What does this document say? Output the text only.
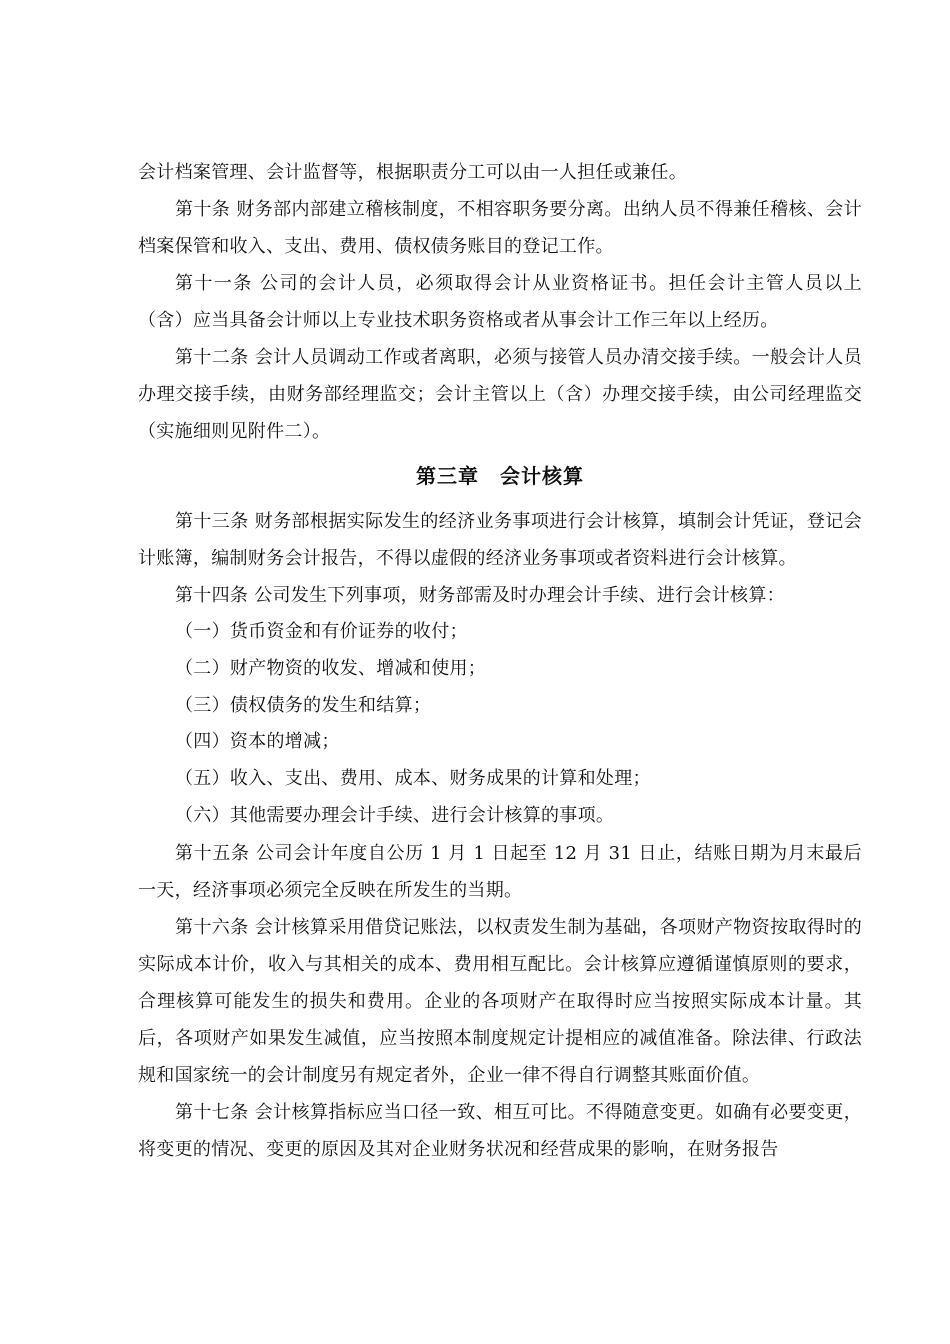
会计档案管理、会计监督等，根据职责分工可以由一人担任或兼任。

第十条 财务部内部建立稽核制度，不相容职务要分离。出纳人员不得兼任稽核、会计档案保管和收入、支出、费用、债权债务账目的登记工作。

第十一条 公司的会计人员，必须取得会计从业资格证书。担任会计主管人员以上（含）应当具备会计师以上专业技术职务资格或者从事会计工作三年以上经历。

第十二条 会计人员调动工作或者离职，必须与接管人员办清交接手续。一般会计人员办理交接手续，由财务部经理监交；会计主管以上（含）办理交接手续，由公司经理监交（实施细则见附件二）。

第三章　会计核算

第十三条 财务部根据实际发生的经济业务事项进行会计核算，填制会计凭证，登记会计账簿，编制财务会计报告，不得以虚假的经济业务事项或者资料进行会计核算。

第十四条 公司发生下列事项，财务部需及时办理会计手续、进行会计核算：

（一）货币资金和有价证券的收付；

（二）财产物资的收发、增减和使用；

（三）债权债务的发生和结算；

（四）资本的增减；

（五）收入、支出、费用、成本、财务成果的计算和处理；

（六）其他需要办理会计手续、进行会计核算的事项。

第十五条 公司会计年度自公历 1 月 1 日起至 12 月 31 日止，结账日期为月末最后一天，经济事项必须完全反映在所发生的当期。

第十六条 会计核算采用借贷记账法，以权责发生制为基础，各项财产物资按取得时的实际成本计价，收入与其相关的成本、费用相互配比。会计核算应遵循谨慎原则的要求，合理核算可能发生的损失和费用。企业的各项财产在取得时应当按照实际成本计量。其后，各项财产如果发生减值，应当按照本制度规定计提相应的减值准备。除法律、行政法规和国家统一的会计制度另有规定者外，企业一律不得自行调整其账面价值。

第十七条 会计核算指标应当口径一致、相互可比。不得随意变更。如确有必要变更，将变更的情况、变更的原因及其对企业财务状况和经营成果的影响，在财务报告
